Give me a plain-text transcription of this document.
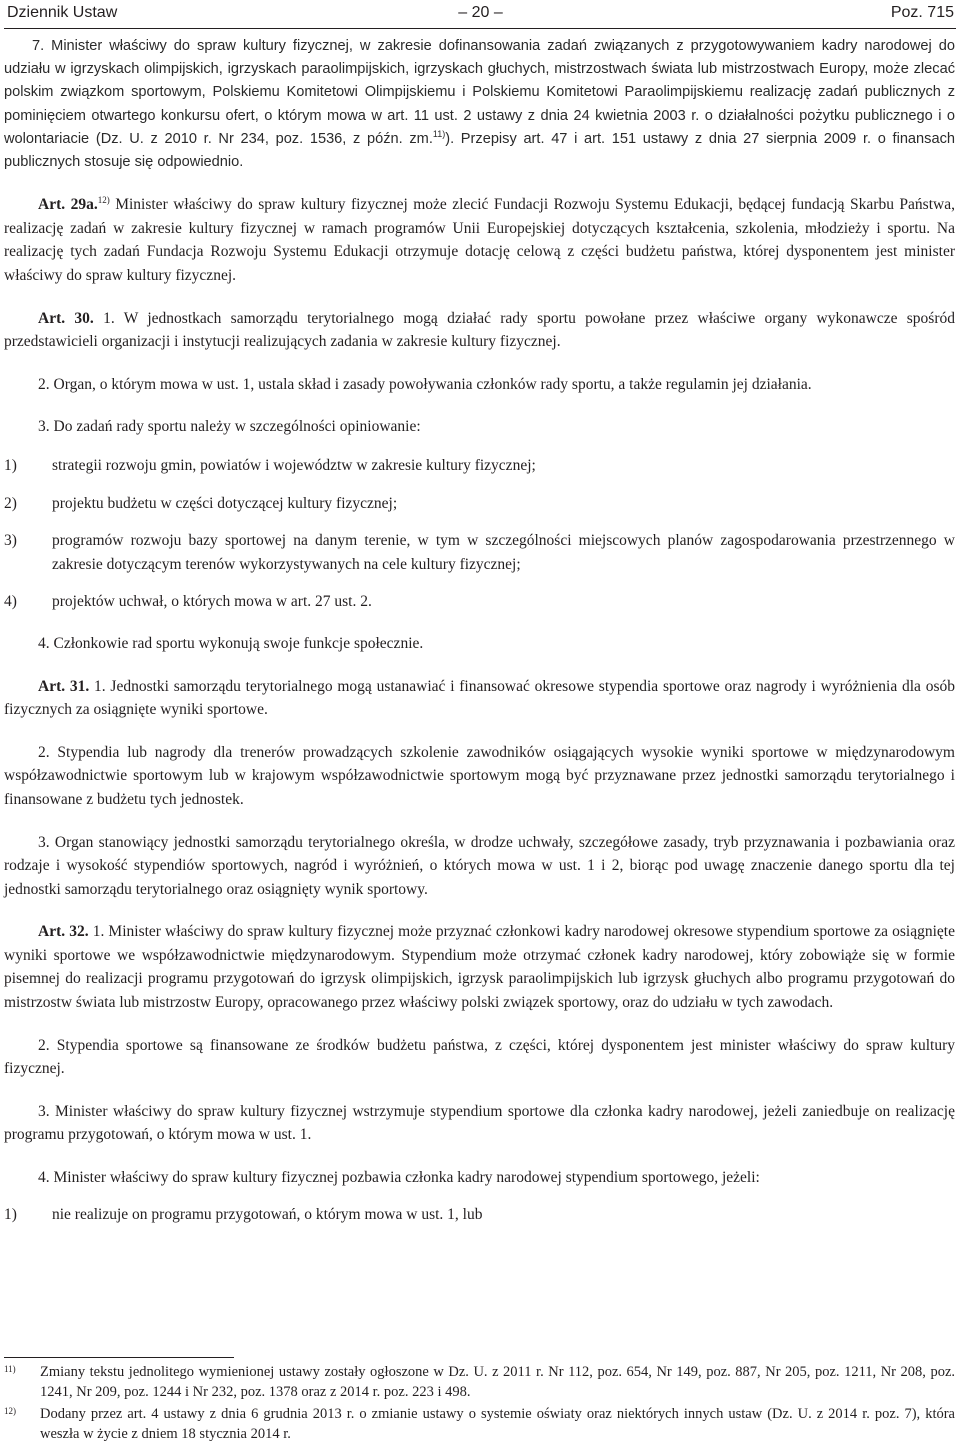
Dziennik Ustaw	– 20 –	Poz. 715

7. Minister właściwy do spraw kultury fizycznej, w zakresie dofinansowania zadań związanych z przygotowywaniem kadry narodowej do udziału w igrzyskach olimpijskich, igrzyskach paraolimpijskich, igrzyskach głuchych, mistrzostwach świata lub mistrzostwach Europy, może zlecać polskim związkom sportowym, Polskiemu Komitetowi Olimpijskiemu i Polskiemu Komitetowi Paraolimpijskiemu realizację zadań publicznych z pominięciem otwartego konkursu ofert, o którym mowa w art. 11 ust. 2 ustawy z dnia 24 kwietnia 2003 r. o działalności pożytku publicznego i o wolontariacie (Dz. U. z 2010 r. Nr 234, poz. 1536, z późn. zm.$^{11)}$). Przepisy art. 47 i art. 151 ustawy z dnia 27 sierpnia 2009 r. o finansach publicznych stosuje się odpowiednio.

Art. 29a.$^{12)}$ Minister właściwy do spraw kultury fizycznej może zlecić Fundacji Rozwoju Systemu Edukacji, będącej fundacją Skarbu Państwa, realizację zadań w zakresie kultury fizycznej w ramach programów Unii Europejskiej dotyczących kształcenia, szkolenia, młodzieży i sportu. Na realizację tych zadań Fundacja Rozwoju Systemu Edukacji otrzymuje dotację celową z części budżetu państwa, której dysponentem jest minister właściwy do spraw kultury fizycznej.

Art. 30. 1. W jednostkach samorządu terytorialnego mogą działać rady sportu powołane przez właściwe organy wykonawcze spośród przedstawicieli organizacji i instytucji realizujących zadania w zakresie kultury fizycznej.

2. Organ, o którym mowa w ust. 1, ustala skład i zasady powoływania członków rady sportu, a także regulamin jej działania.

3. Do zadań rady sportu należy w szczególności opiniowanie:

1) strategii rozwoju gmin, powiatów i województw w zakresie kultury fizycznej;
2) projektu budżetu w części dotyczącej kultury fizycznej;
3) programów rozwoju bazy sportowej na danym terenie, w tym w szczególności miejscowych planów zagospodarowania przestrzennego w zakresie dotyczącym terenów wykorzystywanych na cele kultury fizycznej;
4) projektów uchwał, o których mowa w art. 27 ust. 2.

4. Członkowie rad sportu wykonują swoje funkcje społecznie.

Art. 31. 1. Jednostki samorządu terytorialnego mogą ustanawiać i finansować okresowe stypendia sportowe oraz nagrody i wyróżnienia dla osób fizycznych za osiągnięte wyniki sportowe.

2. Stypendia lub nagrody dla trenerów prowadzących szkolenie zawodników osiągających wysokie wyniki sportowe w międzynarodowym współzawodnictwie sportowym lub w krajowym współzawodnictwie sportowym mogą być przyznawane przez jednostki samorządu terytorialnego i finansowane z budżetu tych jednostek.

3. Organ stanowiący jednostki samorządu terytorialnego określa, w drodze uchwały, szczegółowe zasady, tryb przyznawania i pozbawiania oraz rodzaje i wysokość stypendiów sportowych, nagród i wyróżnień, o których mowa w ust. 1 i 2, biorąc pod uwagę znaczenie danego sportu dla tej jednostki samorządu terytorialnego oraz osiągnięty wynik sportowy.

Art. 32. 1. Minister właściwy do spraw kultury fizycznej może przyznać członkowi kadry narodowej okresowe stypendium sportowe za osiągnięte wyniki sportowe we współzawodnictwie międzynarodowym. Stypendium może otrzymać członek kadry narodowej, który zobowiąże się w formie pisemnej do realizacji programu przygotowań do igrzysk olimpijskich, igrzysk paraolimpijskich lub igrzysk głuchych albo programu przygotowań do mistrzostw świata lub mistrzostw Europy, opracowanego przez właściwy polski związek sportowy, oraz do udziału w tych zawodach.

2. Stypendia sportowe są finansowane ze środków budżetu państwa, z części, której dysponentem jest minister właściwy do spraw kultury fizycznej.

3. Minister właściwy do spraw kultury fizycznej wstrzymuje stypendium sportowe dla członka kadry narodowej, jeżeli zaniedbuje on realizację programu przygotowań, o którym mowa w ust. 1.

4. Minister właściwy do spraw kultury fizycznej pozbawia członka kadry narodowej stypendium sportowego, jeżeli:

1) nie realizuje on programu przygotowań, o którym mowa w ust. 1, lub
11) Zmiany tekstu jednolitego wymienionej ustawy zostały ogłoszone w Dz. U. z 2011 r. Nr 112, poz. 654, Nr 149, poz. 887, Nr 205, poz. 1211, Nr 208, poz. 1241, Nr 209, poz. 1244 i Nr 232, poz. 1378 oraz z 2014 r. poz. 223 i 498.
12) Dodany przez art. 4 ustawy z dnia 6 grudnia 2013 r. o zmianie ustawy o systemie oświaty oraz niektórych innych ustaw (Dz. U. z 2014 r. poz. 7), która weszła w życie z dniem 18 stycznia 2014 r.
